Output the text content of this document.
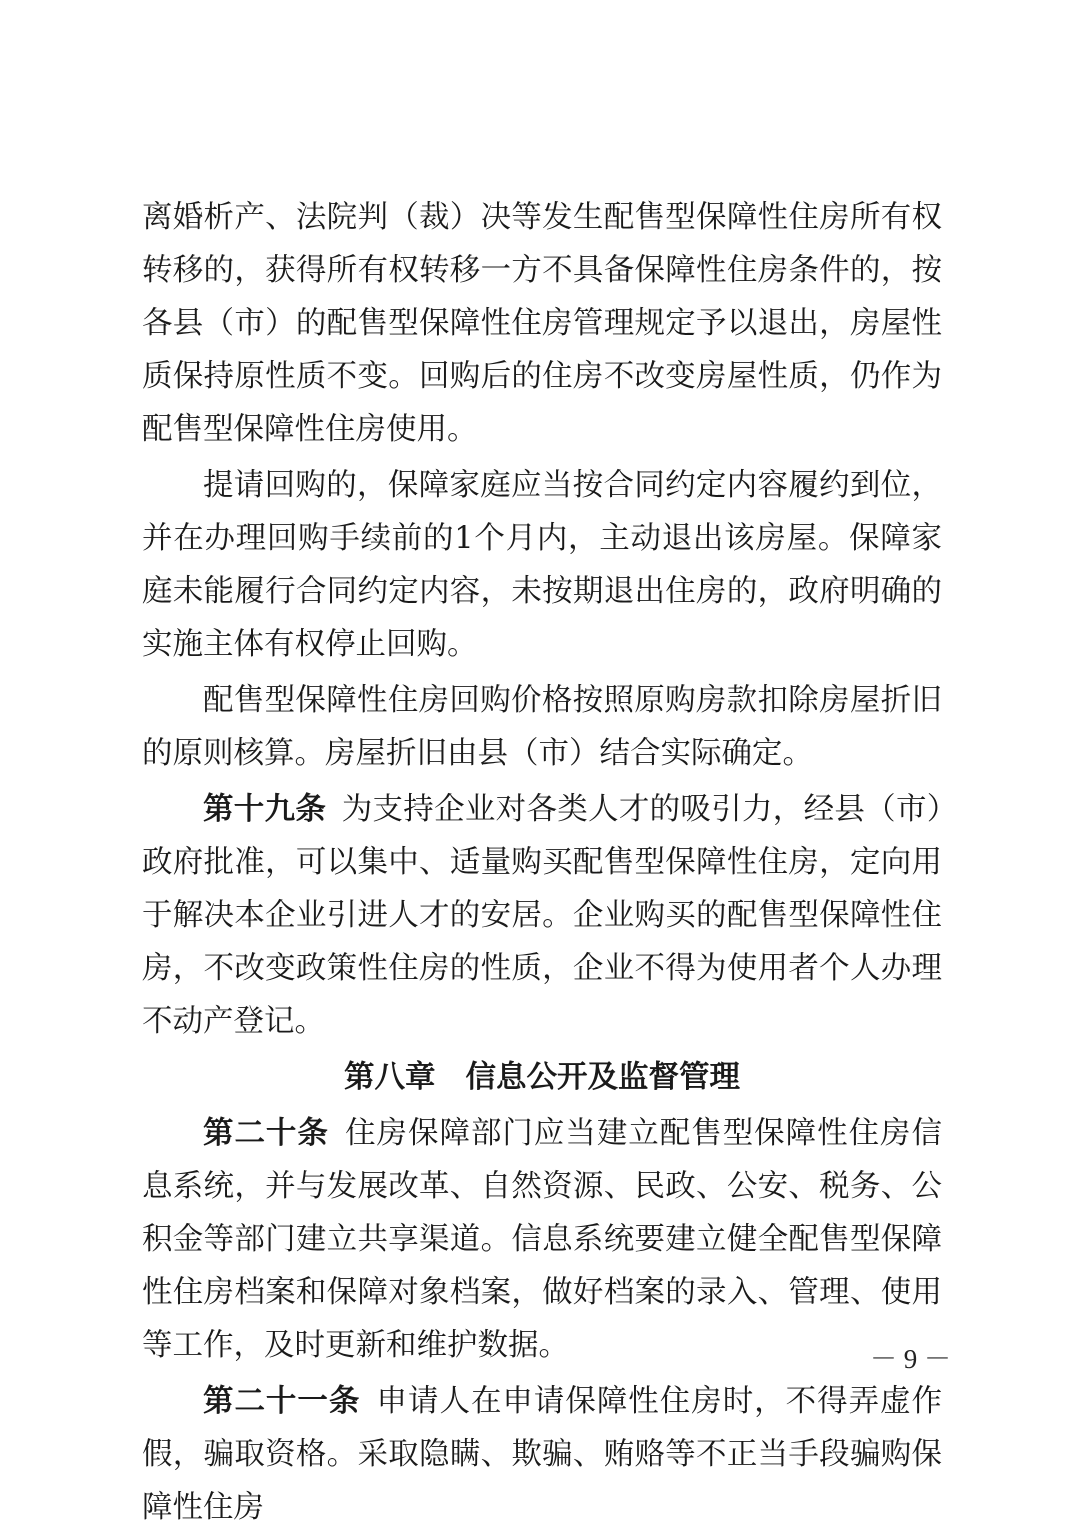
离婚析产、法院判（裁）决等发生配售型保障性住房所有权转移的，获得所有权转移一方不具备保障性住房条件的，按各县（市）的配售型保障性住房管理规定予以退出，房屋性质保持原性质不变。回购后的住房不改变房屋性质，仍作为配售型保障性住房使用。

提请回购的，保障家庭应当按合同约定内容履约到位，并在办理回购手续前的1个月内，主动退出该房屋。保障家庭未能履行合同约定内容，未按期退出住房的，政府明确的实施主体有权停止回购。

配售型保障性住房回购价格按照原购房款扣除房屋折旧的原则核算。房屋折旧由县（市）结合实际确定。

第十九条  为支持企业对各类人才的吸引力，经县（市）政府批准，可以集中、适量购买配售型保障性住房，定向用于解决本企业引进人才的安居。企业购买的配售型保障性住房，不改变政策性住房的性质，企业不得为使用者个人办理不动产登记。

第八章 信息公开及监督管理

第二十条  住房保障部门应当建立配售型保障性住房信息系统，并与发展改革、自然资源、民政、公安、税务、公积金等部门建立共享渠道。信息系统要建立健全配售型保障性住房档案和保障对象档案，做好档案的录入、管理、使用等工作，及时更新和维护数据。

第二十一条  申请人在申请保障性住房时，不得弄虚作假，骗取资格。采取隐瞒、欺骗、贿赂等不正当手段骗购保障性住房

－ 9 －
